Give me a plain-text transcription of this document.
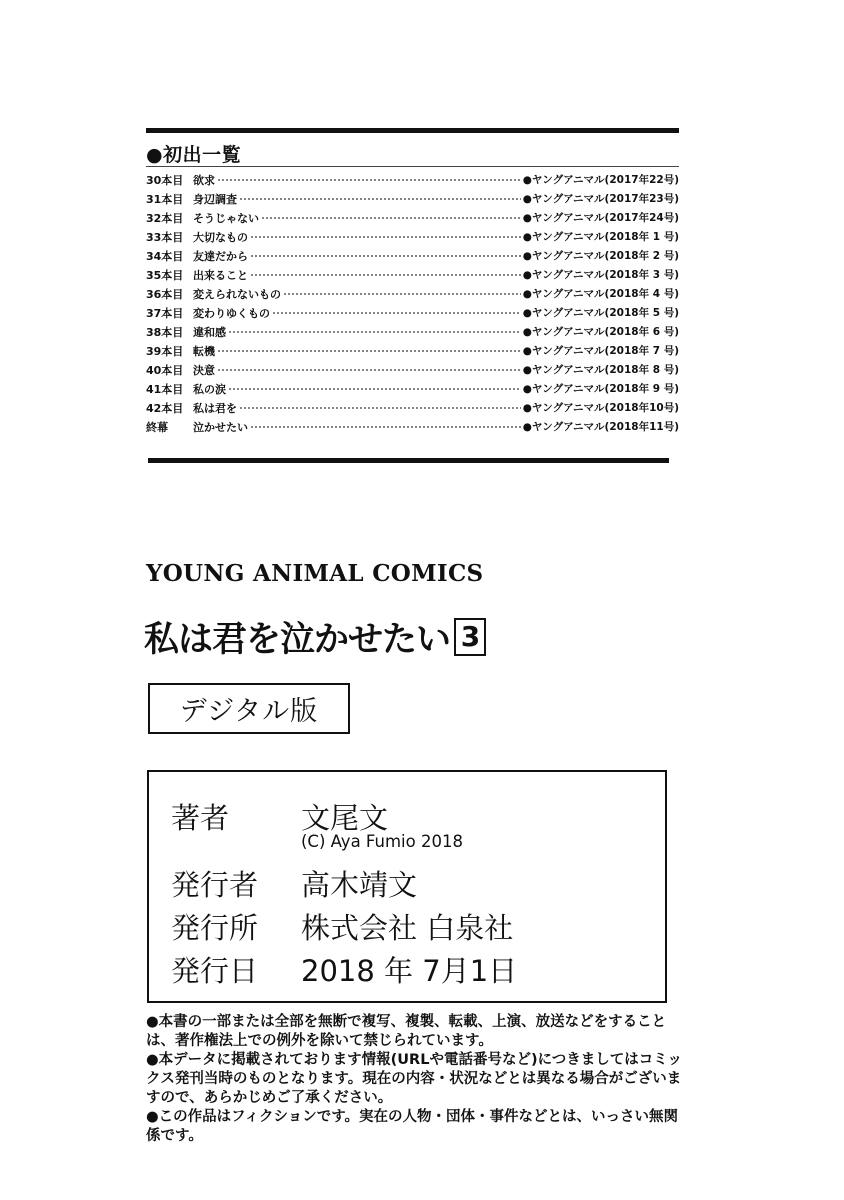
●初出一覧
30本目 欲求	●ヤングアニマル(2017年22号)
31本目 身辺調査	●ヤングアニマル(2017年23号)
32本目 そうじゃない	●ヤングアニマル(2017年24号)
33本目 大切なもの	●ヤングアニマル(2018年 1 号)
34本目 友達だから	●ヤングアニマル(2018年 2 号)
35本目 出来ること	●ヤングアニマル(2018年 3 号)
36本目 変えられないもの	●ヤングアニマル(2018年 4 号)
37本目 変わりゆくもの	●ヤングアニマル(2018年 5 号)
38本目 違和感	●ヤングアニマル(2018年 6 号)
39本目 転機	●ヤングアニマル(2018年 7 号)
40本目 決意	●ヤングアニマル(2018年 8 号)
41本目 私の涙	●ヤングアニマル(2018年 9 号)
42本目 私は君を	●ヤングアニマル(2018年10号)
終幕	泣かせたい	●ヤングアニマル(2018年11号)
YOUNG ANIMAL COMICS
私は君を泣かせたい 3
デジタル版
著者 文尾文
(C) Aya Fumio 2018
発行者 高木靖文
発行所 株式会社 白泉社
発行日 2018 年 7月1日

●本書の一部または全部を無断で複写、複製、転載、上演、放送などをすることは、著作権法上での例外を除いて禁じられています。

●本データに掲載されております情報(URLや電話番号など)につきましてはコミックス発刊当時のものとなります。現在の内容・状況などとは異なる場合がございますので、あらかじめご了承ください。

●この作品はフィクションです。実在の人物・団体・事件などとは、いっさい無関係です。
